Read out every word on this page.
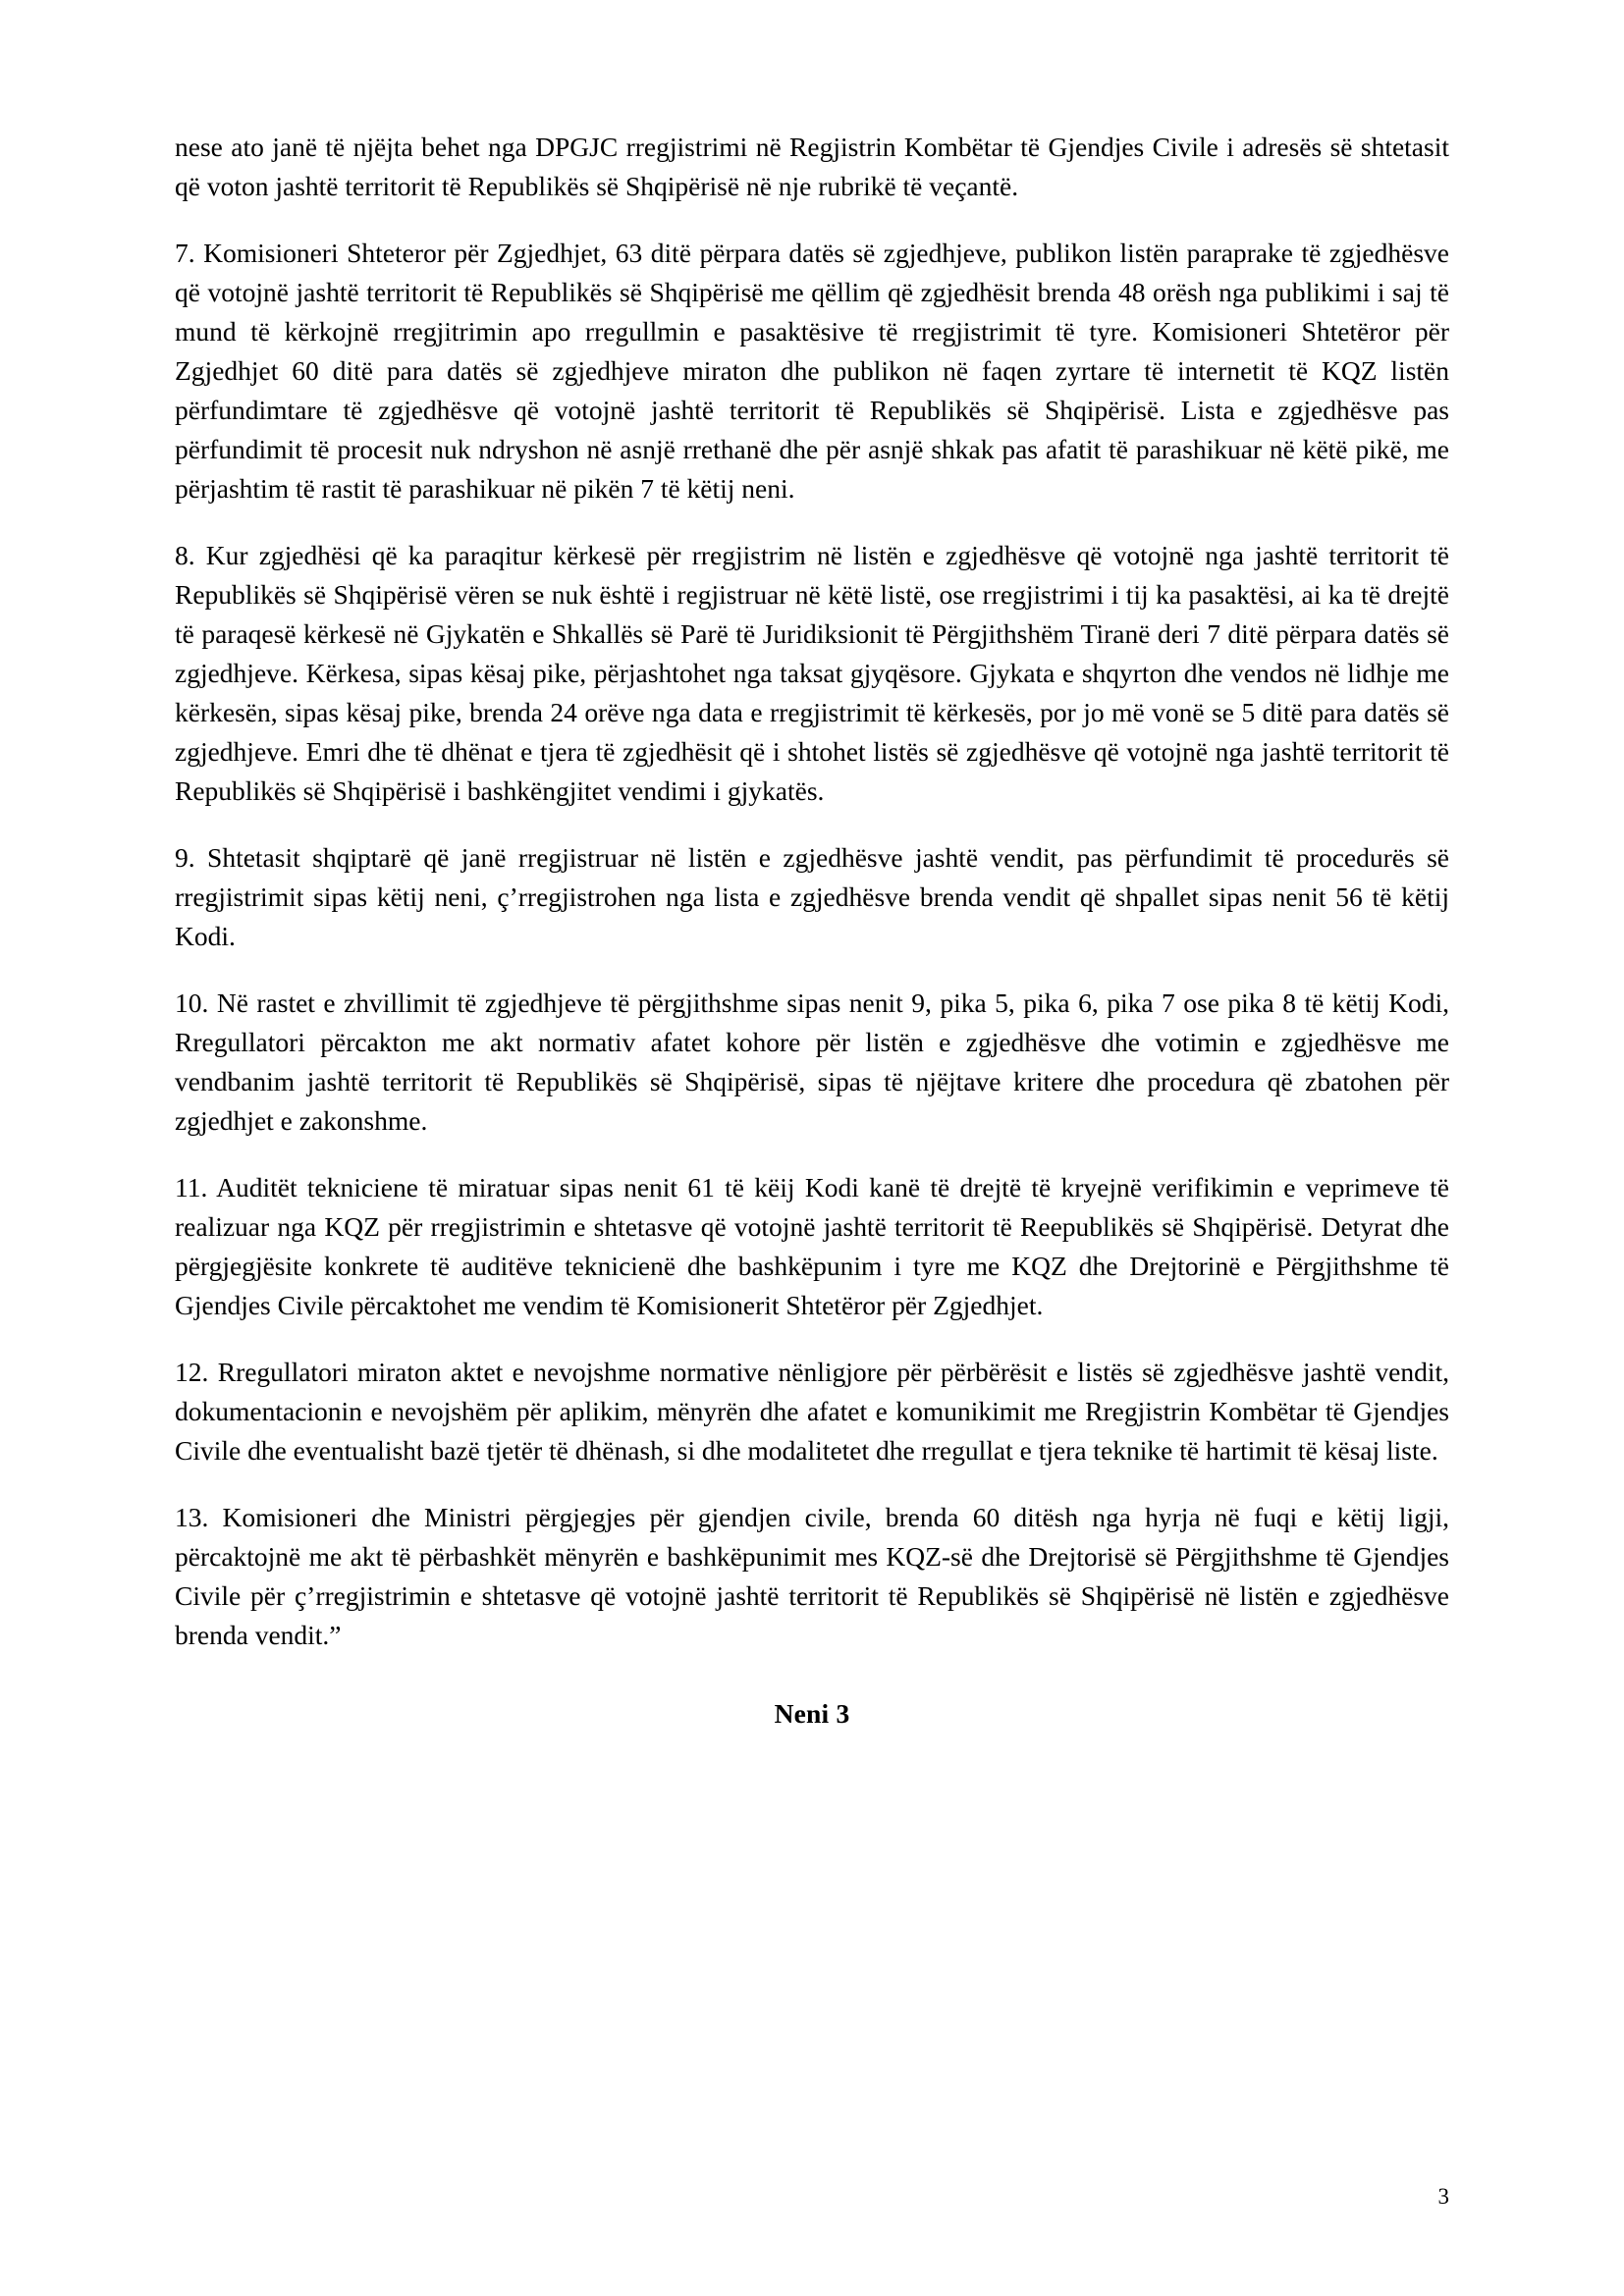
nese ato janë të njëjta behet nga DPGJC rregjistrimi në Regjistrin Kombëtar të Gjendjes Civile i adresës së shtetasit që voton jashtë territorit të Republikës së Shqipërisë në nje rubrikë të veçantë.

7. Komisioneri Shteteror për Zgjedhjet, 63 ditë përpara datës së zgjedhjeve, publikon listën paraprake të zgjedhësve që votojnë jashtë territorit të Republikës së Shqipërisë me qëllim që zgjedhësit brenda 48 orësh nga publikimi i saj të mund të kërkojnë rregjitrimin apo rregullmin e pasaktësive të rregjistrimit të tyre. Komisioneri Shtetëror për Zgjedhjet 60 ditë para datës së zgjedhjeve miraton dhe publikon në faqen zyrtare të internetit të KQZ listën përfundimtare të zgjedhësve që votojnë jashtë territorit të Republikës së Shqipërisë. Lista e zgjedhësve pas përfundimit të procesit nuk ndryshon në asnjë rrethanë dhe për asnjë shkak pas afatit të parashikuar në këtë pikë, me përjashtim të rastit të parashikuar në pikën 7 të këtij neni.

8. Kur zgjedhësi që ka paraqitur kërkesë për rregjistrim në listën e zgjedhësve që votojnë nga jashtë territorit të Republikës së Shqipërisë vëren se nuk është i regjistruar në këtë listë, ose rregjistrimi i tij ka pasaktësi, ai ka të drejtë të paraqesë kërkesë në Gjykatën e Shkallës së Parë të Juridiksionit të Përgjithshëm Tiranë deri 7 ditë përpara datës së zgjedhjeve. Kërkesa, sipas kësaj pike, përjashtohet nga taksat gjyqësore. Gjykata e shqyrton dhe vendos në lidhje me kërkesën, sipas kësaj pike, brenda 24 orëve nga data e rregjistrimit të kërkesës, por jo më vonë se 5 ditë para datës së zgjedhjeve. Emri dhe të dhënat e tjera të zgjedhësit që i shtohet listës së zgjedhësve që votojnë nga jashtë territorit të Republikës së Shqipërisë i bashkëngjitet vendimi i gjykatës.

9. Shtetasit shqiptarë që janë rregjistruar në listën e zgjedhësve jashtë vendit, pas përfundimit të procedurës së rregjistrimit sipas këtij neni, ç’rregjistrohen nga lista e zgjedhësve brenda vendit që shpallet sipas nenit 56 të këtij Kodi.

10. Në rastet e zhvillimit të zgjedhjeve të përgjithshme sipas nenit 9, pika 5, pika 6, pika 7 ose pika 8 të këtij Kodi, Rregullatori përcakton me akt normativ afatet kohore për listën e zgjedhësve dhe votimin e zgjedhësve me vendbanim jashtë territorit të Republikës së Shqipërisë, sipas të njëjtave kritere dhe procedura që zbatohen për zgjedhjet e zakonshme.

11. Auditët tekniciene të miratuar sipas nenit 61 të këij Kodi kanë të drejtë të kryejnë verifikimin e veprimeve të realizuar nga KQZ për rregjistrimin e shtetasve që votojnë jashtë territorit të Reepublikës së Shqipërisë. Detyrat dhe përgjegjësite konkrete të auditëve teknicienë dhe bashkëpunim i tyre me KQZ dhe Drejtorinë e Përgjithshme të Gjendjes Civile përcaktohet me vendim të Komisionerit Shtetëror për Zgjedhjet.

12. Rregullatori miraton aktet e nevojshme normative nënligjore për përbërësit e listës së zgjedhësve jashtë vendit, dokumentacionin e nevojshëm për aplikim, mënyrën dhe afatet e komunikimit me Rregjistrin Kombëtar të Gjendjes Civile dhe eventualisht bazë tjetër të dhënash, si dhe modalitetet dhe rregullat e tjera teknike të hartimit të kësaj liste.

13. Komisioneri dhe Ministri përgjegjes për gjendjen civile, brenda 60 ditësh nga hyrja në fuqi e këtij ligji, përcaktojnë me akt të përbashkët mënyrën e bashkëpunimit mes KQZ-së dhe Drejtorisë së Përgjithshme të Gjendjes Civile për ç’rregjistrimin e shtetasve që votojnë jashtë territorit të Republikës së Shqipërisë në listën e zgjedhësve brenda vendit.”

Neni 3
3
